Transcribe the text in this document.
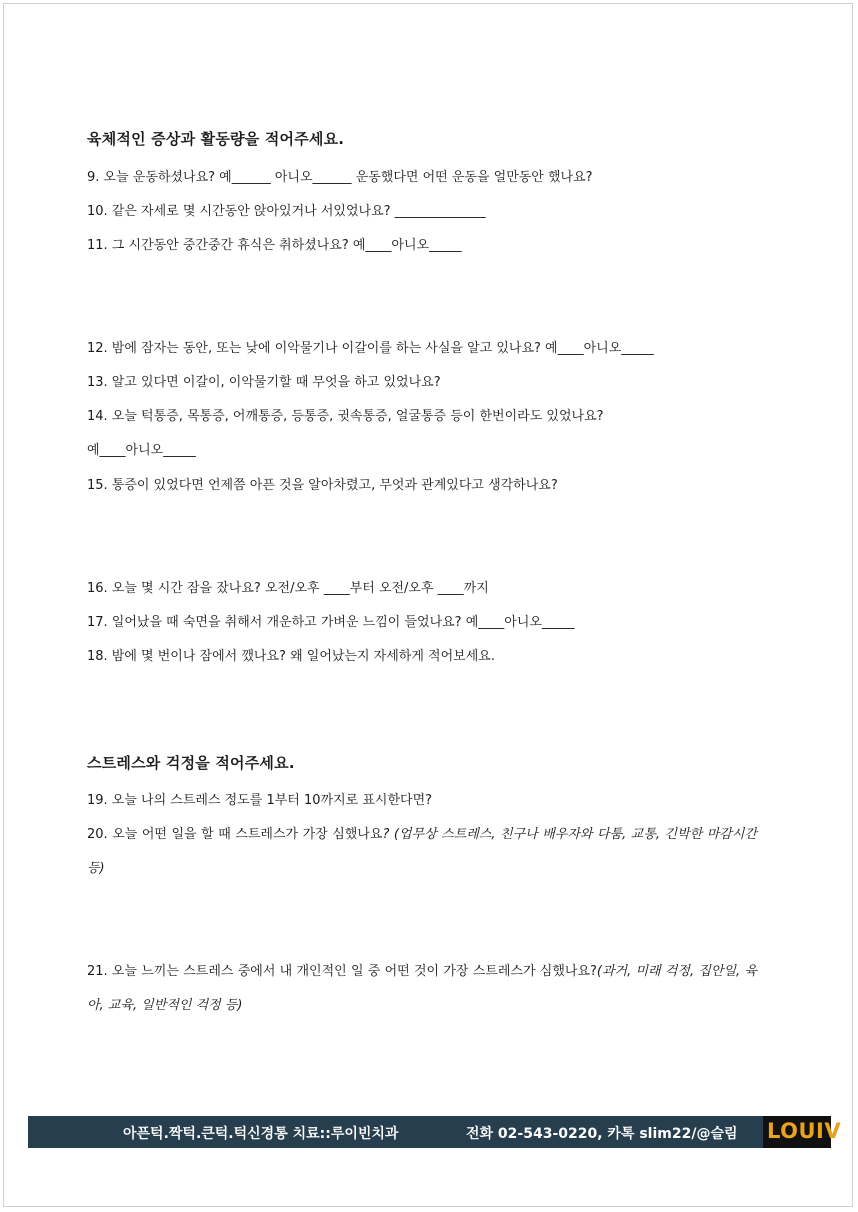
육체적인 증상과 활동량을 적어주세요.
9. 오늘 운동하셨나요? 예______ 아니오______ 운동했다면 어떤 운동을 얼만동안 했나요?
10. 같은 자세로 몇 시간동안 앉아있거나 서있었나요? ______________
11. 그 시간동안 중간중간 휴식은 취하셨나요? 예____아니오_____
12. 밤에 잠자는 동안, 또는 낮에 이악물기나 이갈이를 하는 사실을 알고 있나요? 예____아니오_____
13. 알고 있다면 이갈이, 이악물기할 때 무엇을 하고 있었나요?
14. 오늘 턱통증, 목통증, 어깨통증, 등통증, 귓속통증, 얼굴통증 등이 한번이라도 있었나요?
예____아니오_____
15. 통증이 있었다면 언제쯤 아픈 것을 알아차렸고, 무엇과 관계있다고 생각하나요?
16. 오늘 몇 시간 잠을 잤나요? 오전/오후 ____부터 오전/오후 ____까지
17. 일어났을 때 숙면을 취해서 개운하고 가벼운 느낌이 들었나요? 예____아니오_____
18. 밤에 몇 번이나 잠에서 깼나요? 왜 일어났는지 자세하게 적어보세요.
스트레스와 걱정을 적어주세요.
19. 오늘 나의 스트레스 정도를 1부터 10까지로 표시한다면?
20. 오늘 어떤 일을 할 때 스트레스가 가장 심했나요? (업무상 스트레스, 친구나 배우자와 다툼, 교통, 긴박한 마감시간 등)
21. 오늘 느끼는 스트레스 중에서 내 개인적인 일 중 어떤 것이 가장 스트레스가 심했나요?(과거, 미래 걱정, 집안일, 육아, 교육, 일반적인 걱정 등)
아픈턱.짝턱.큰턱.턱신경통 치료::루이빈치과	전화 02-543-0220, 카톡 slim22/@슬림 LOUIV
